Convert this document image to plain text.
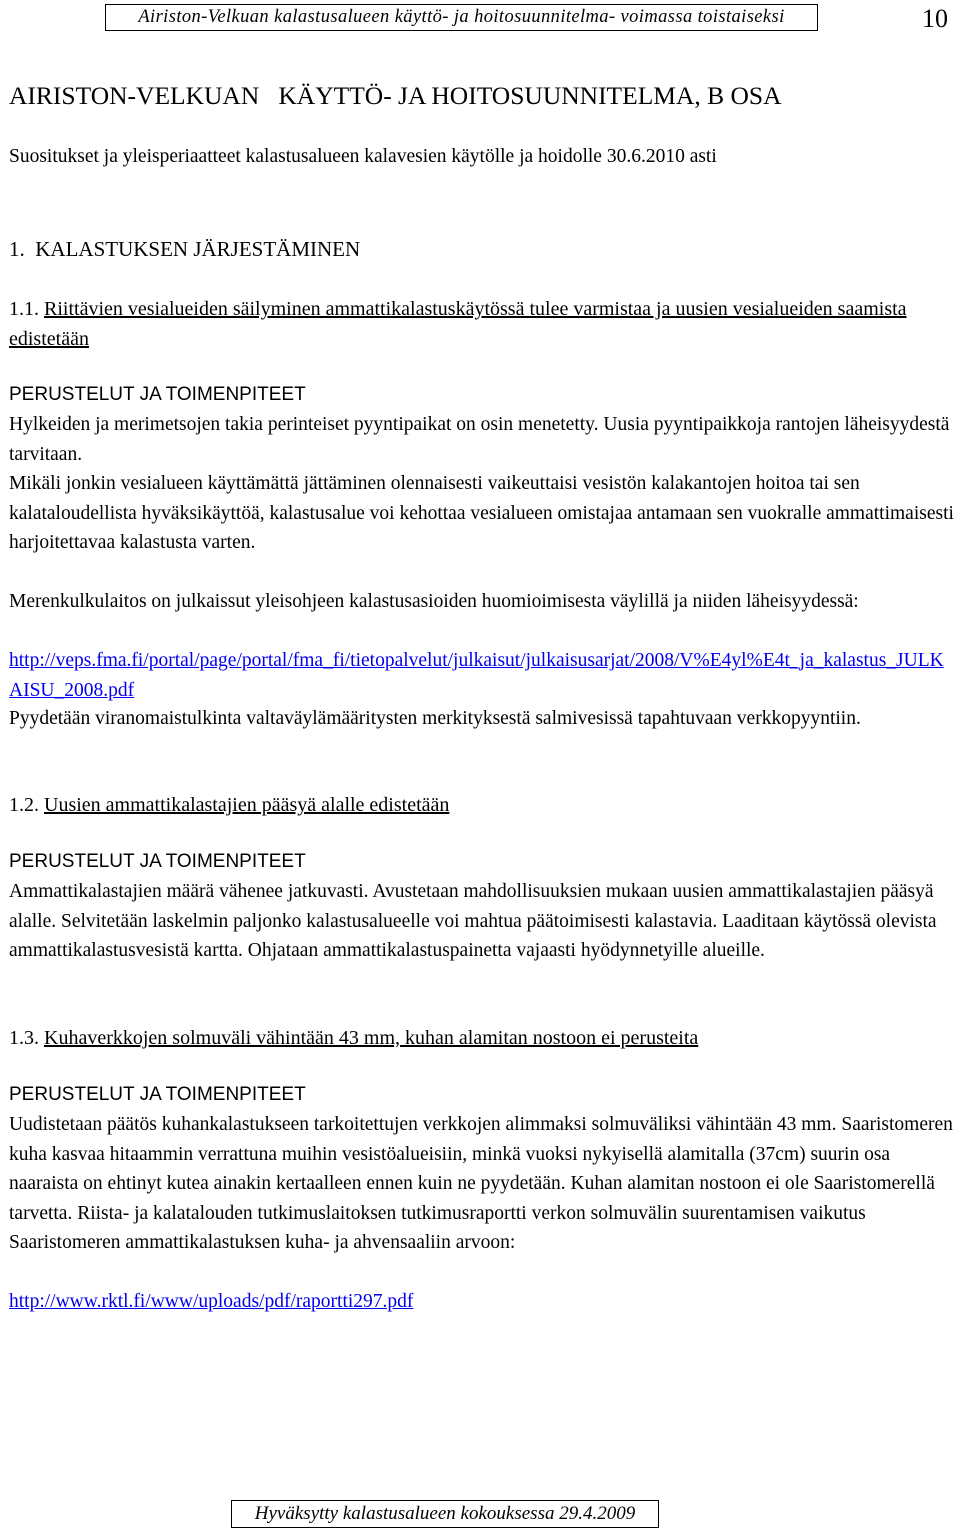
Airiston-Velkuan kalastusalueen käyttö- ja hoitosuunnitelma- voimassa toistaiseksi	10
AIRISTON-VELKUAN   KÄYTTÖ- JA HOITOSUUNNITELMA, B OSA
Suositukset ja yleisperiaatteet kalastusalueen kalavesien käytölle ja hoidolle 30.6.2010 asti
1.  KALASTUKSEN JÄRJESTÄMINEN
1.1. Riittävien vesialueiden säilyminen ammattikalastuskäytössä tulee varmistaa ja uusien vesialueiden saamista edistetään
PERUSTELUT JA TOIMENPITEET

Hylkeiden ja merimetsojen takia perinteiset pyyntipaikat on osin menetetty. Uusia pyyntipaikkoja rantojen läheisyydestä tarvitaan.

Mikäli jonkin vesialueen käyttämättä jättäminen olennaisesti vaikeuttaisi vesistön kalakantojen hoitoa tai sen kalataloudellista hyväksikäyttöä, kalastusalue voi kehottaa vesialueen omistajaa antamaan sen vuokralle ammattimaisesti harjoitettavaa kalastusta varten.

Merenkulkulaitos on julkaissut yleisohjeen kalastusasioiden huomioimisesta väylillä ja niiden läheisyydessä:

http://veps.fma.fi/portal/page/portal/fma_fi/tietopalvelut/julkaisut/julkaisusarjat/2008/V%E4yl%E4t_ja_kalastus_JULKAISU_2008.pdf

Pyydetään viranomaistulkinta valtaväylämääritysten merkityksestä salmivesissä tapahtuvaan verkkopyyntiin.

1.2. Uusien ammattikalastajien pääsyä alalle edistetään
PERUSTELUT JA TOIMENPITEET

Ammattikalastajien määrä vähenee jatkuvasti. Avustetaan mahdollisuuksien mukaan uusien ammattikalastajien pääsyä alalle. Selvitetään laskelmin paljonko kalastusalueelle voi mahtua päätoimisesti kalastavia. Laaditaan käytössä olevista ammattikalastusvesistä kartta. Ohjataan ammattikalastuspainetta vajaasti hyödynnetyille alueille.

1.3. Kuhaverkkojen solmuväli vähintään 43 mm, kuhan alamitan nostoon ei perusteita
PERUSTELUT JA TOIMENPITEET

Uudistetaan päätös kuhankalastukseen tarkoitettujen verkkojen alimmaksi solmuväliksi vähintään 43 mm. Saaristomeren kuha kasvaa hitaammin verrattuna muihin vesistöalueisiin, minkä vuoksi nykyisellä alamitalla (37cm) suurin osa naaraista on ehtinyt kutea ainakin kertaalleen ennen kuin ne pyydetään. Kuhan alamitan nostoon ei ole Saaristomerellä tarvetta. Riista- ja kalatalouden tutkimuslaitoksen tutkimusraportti verkon solmuvälin suurentamisen vaikutus Saaristomeren ammattikalastuksen kuha- ja ahvensaaliin arvoon:

http://www.rktl.fi/www/uploads/pdf/raportti297.pdf
Hyväksytty kalastusalueen kokouksessa 29.4.2009
